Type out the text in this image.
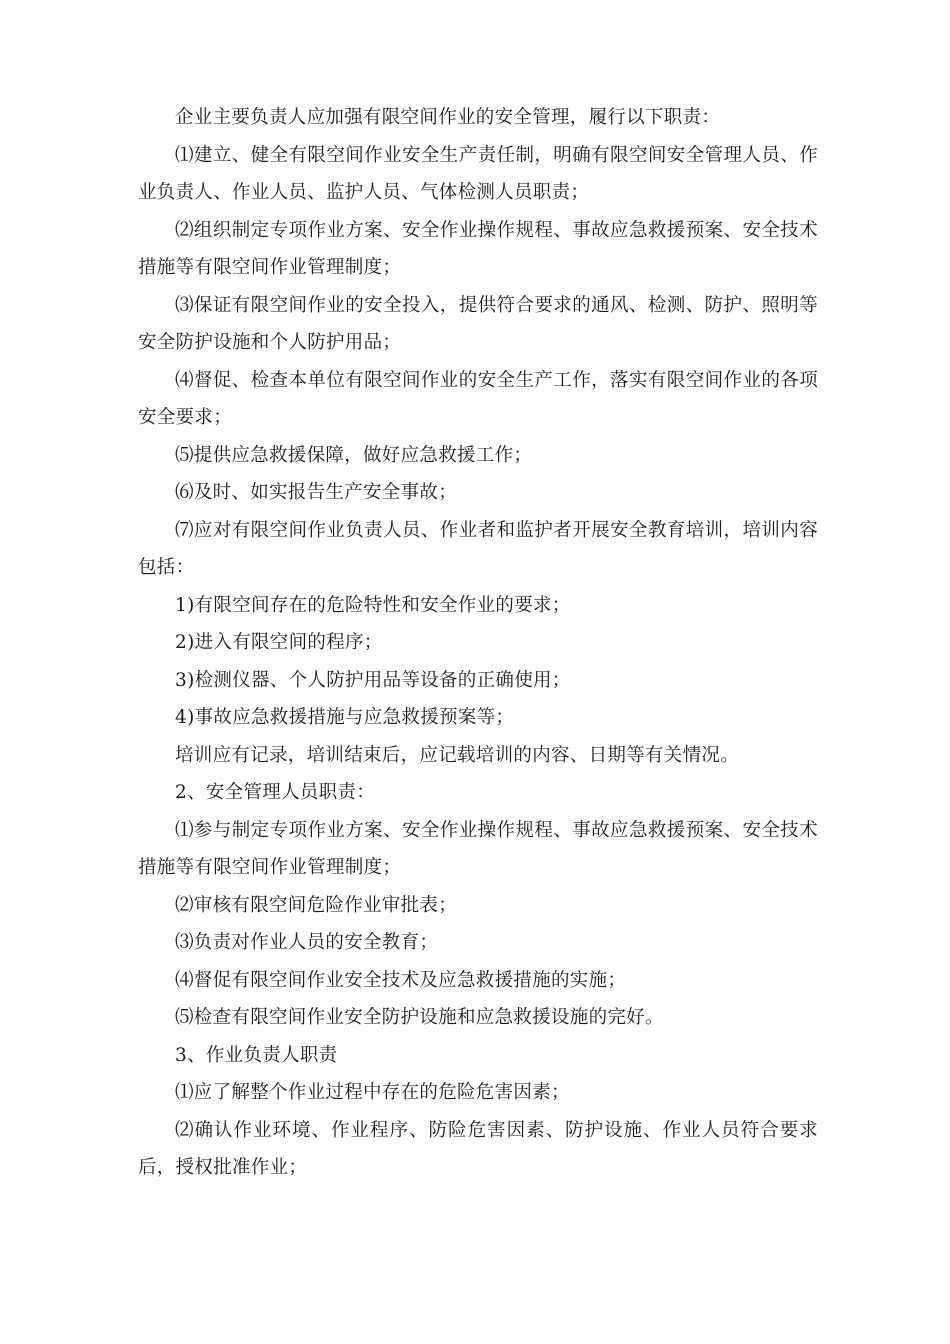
企业主要负责人应加强有限空间作业的安全管理，履行以下职责：

⑴建立、健全有限空间作业安全生产责任制，明确有限空间安全管理人员、作业负责人、作业人员、监护人员、气体检测人员职责；

⑵组织制定专项作业方案、安全作业操作规程、事故应急救援预案、安全技术措施等有限空间作业管理制度；

⑶保证有限空间作业的安全投入，提供符合要求的通风、检测、防护、照明等安全防护设施和个人防护用品；

⑷督促、检查本单位有限空间作业的安全生产工作，落实有限空间作业的各项安全要求；

⑸提供应急救援保障，做好应急救援工作；

⑹及时、如实报告生产安全事故；

⑺应对有限空间作业负责人员、作业者和监护者开展安全教育培训，培训内容包括：

1)有限空间存在的危险特性和安全作业的要求；

2)进入有限空间的程序；

3)检测仪器、个人防护用品等设备的正确使用；

4)事故应急救援措施与应急救援预案等；

培训应有记录，培训结束后，应记载培训的内容、日期等有关情况。

2、安全管理人员职责：

⑴参与制定专项作业方案、安全作业操作规程、事故应急救援预案、安全技术措施等有限空间作业管理制度；

⑵审核有限空间危险作业审批表；

⑶负责对作业人员的安全教育；

⑷督促有限空间作业安全技术及应急救援措施的实施；

⑸检查有限空间作业安全防护设施和应急救援设施的完好。

3、作业负责人职责

⑴应了解整个作业过程中存在的危险危害因素；

⑵确认作业环境、作业程序、防险危害因素、防护设施、作业人员符合要求后，授权批准作业；
